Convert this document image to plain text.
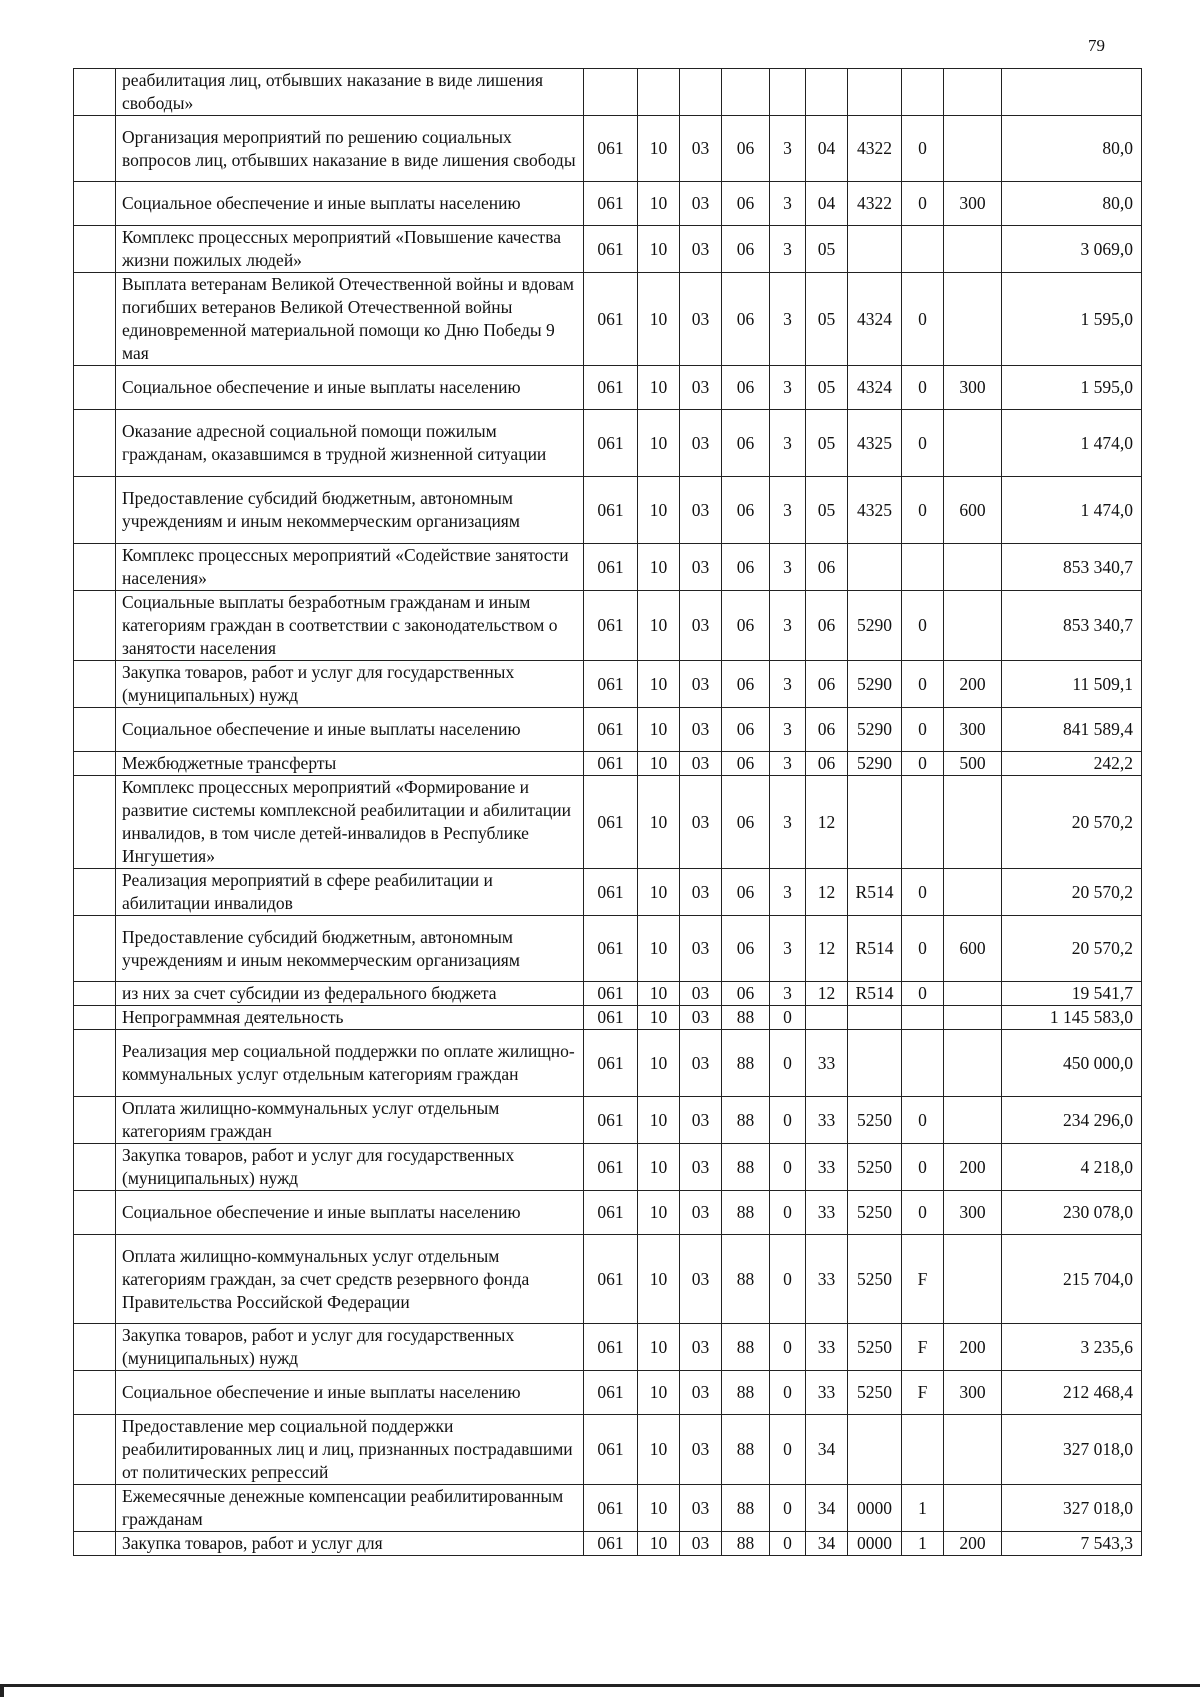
79
	реабилитация лиц, отбывших наказание в виде лишения свободы»										
	Организация мероприятий по решению социальных вопросов лиц, отбывших наказание в виде лишения свободы	061	10	03	06	3	04	4322	0		80,0
	Социальное обеспечение и иные выплаты населению	061	10	03	06	3	04	4322	0	300	80,0
	Комплекс процессных мероприятий «Повышение качества жизни пожилых людей»	061	10	03	06	3	05				3 069,0
	Выплата ветеранам Великой Отечественной войны и вдовам погибших ветеранов Великой Отечественной войны единовременной материальной помощи ко Дню Победы 9 мая	061	10	03	06	3	05	4324	0		1 595,0
	Социальное обеспечение и иные выплаты населению	061	10	03	06	3	05	4324	0	300	1 595,0
	Оказание адресной социальной помощи пожилым гражданам, оказавшимся в трудной жизненной ситуации	061	10	03	06	3	05	4325	0		1 474,0
	Предоставление субсидий бюджетным, автономным учреждениям и иным некоммерческим организациям	061	10	03	06	3	05	4325	0	600	1 474,0
	Комплекс процессных мероприятий «Содействие занятости населения»	061	10	03	06	3	06				853 340,7
	Социальные выплаты безработным гражданам и иным категориям граждан в соответствии с законодательством о занятости населения	061	10	03	06	3	06	5290	0		853 340,7
	Закупка товаров, работ и услуг для государственных (муниципальных) нужд	061	10	03	06	3	06	5290	0	200	11 509,1
	Социальное обеспечение и иные выплаты населению	061	10	03	06	3	06	5290	0	300	841 589,4
	Межбюджетные трансферты	061	10	03	06	3	06	5290	0	500	242,2
	Комплекс процессных мероприятий «Формирование и развитие системы комплексной реабилитации и абилитации инвалидов, в том числе детей-инвалидов в Республике Ингушетия»	061	10	03	06	3	12				20 570,2
	Реализация мероприятий в сфере реабилитации и абилитации инвалидов	061	10	03	06	3	12	R514	0		20 570,2
	Предоставление субсидий бюджетным, автономным учреждениям и иным некоммерческим организациям	061	10	03	06	3	12	R514	0	600	20 570,2
	из них за счет субсидии из федерального бюджета	061	10	03	06	3	12	R514	0		19 541,7
	Непрограммная деятельность	061	10	03	88	0					1 145 583,0
	Реализация мер социальной поддержки по оплате жилищно-коммунальных услуг отдельным категориям граждан	061	10	03	88	0	33				450 000,0
	Оплата жилищно-коммунальных услуг отдельным категориям граждан	061	10	03	88	0	33	5250	0		234 296,0
	Закупка товаров, работ и услуг для государственных (муниципальных) нужд	061	10	03	88	0	33	5250	0	200	4 218,0
	Социальное обеспечение и иные выплаты населению	061	10	03	88	0	33	5250	0	300	230 078,0
	Оплата жилищно-коммунальных услуг отдельным категориям граждан, за счет средств резервного фонда Правительства Российской Федерации	061	10	03	88	0	33	5250	F		215 704,0
	Закупка товаров, работ и услуг для государственных (муниципальных) нужд	061	10	03	88	0	33	5250	F	200	3 235,6
	Социальное обеспечение и иные выплаты населению	061	10	03	88	0	33	5250	F	300	212 468,4
	Предоставление мер социальной поддержки реабилитированных лиц и лиц, признанных пострадавшими от политических репрессий	061	10	03	88	0	34				327 018,0
	Ежемесячные денежные компенсации реабилитированным гражданам	061	10	03	88	0	34	0000	1		327 018,0
	Закупка товаров, работ и услуг для	061	10	03	88	0	34	0000	1	200	7 543,3
